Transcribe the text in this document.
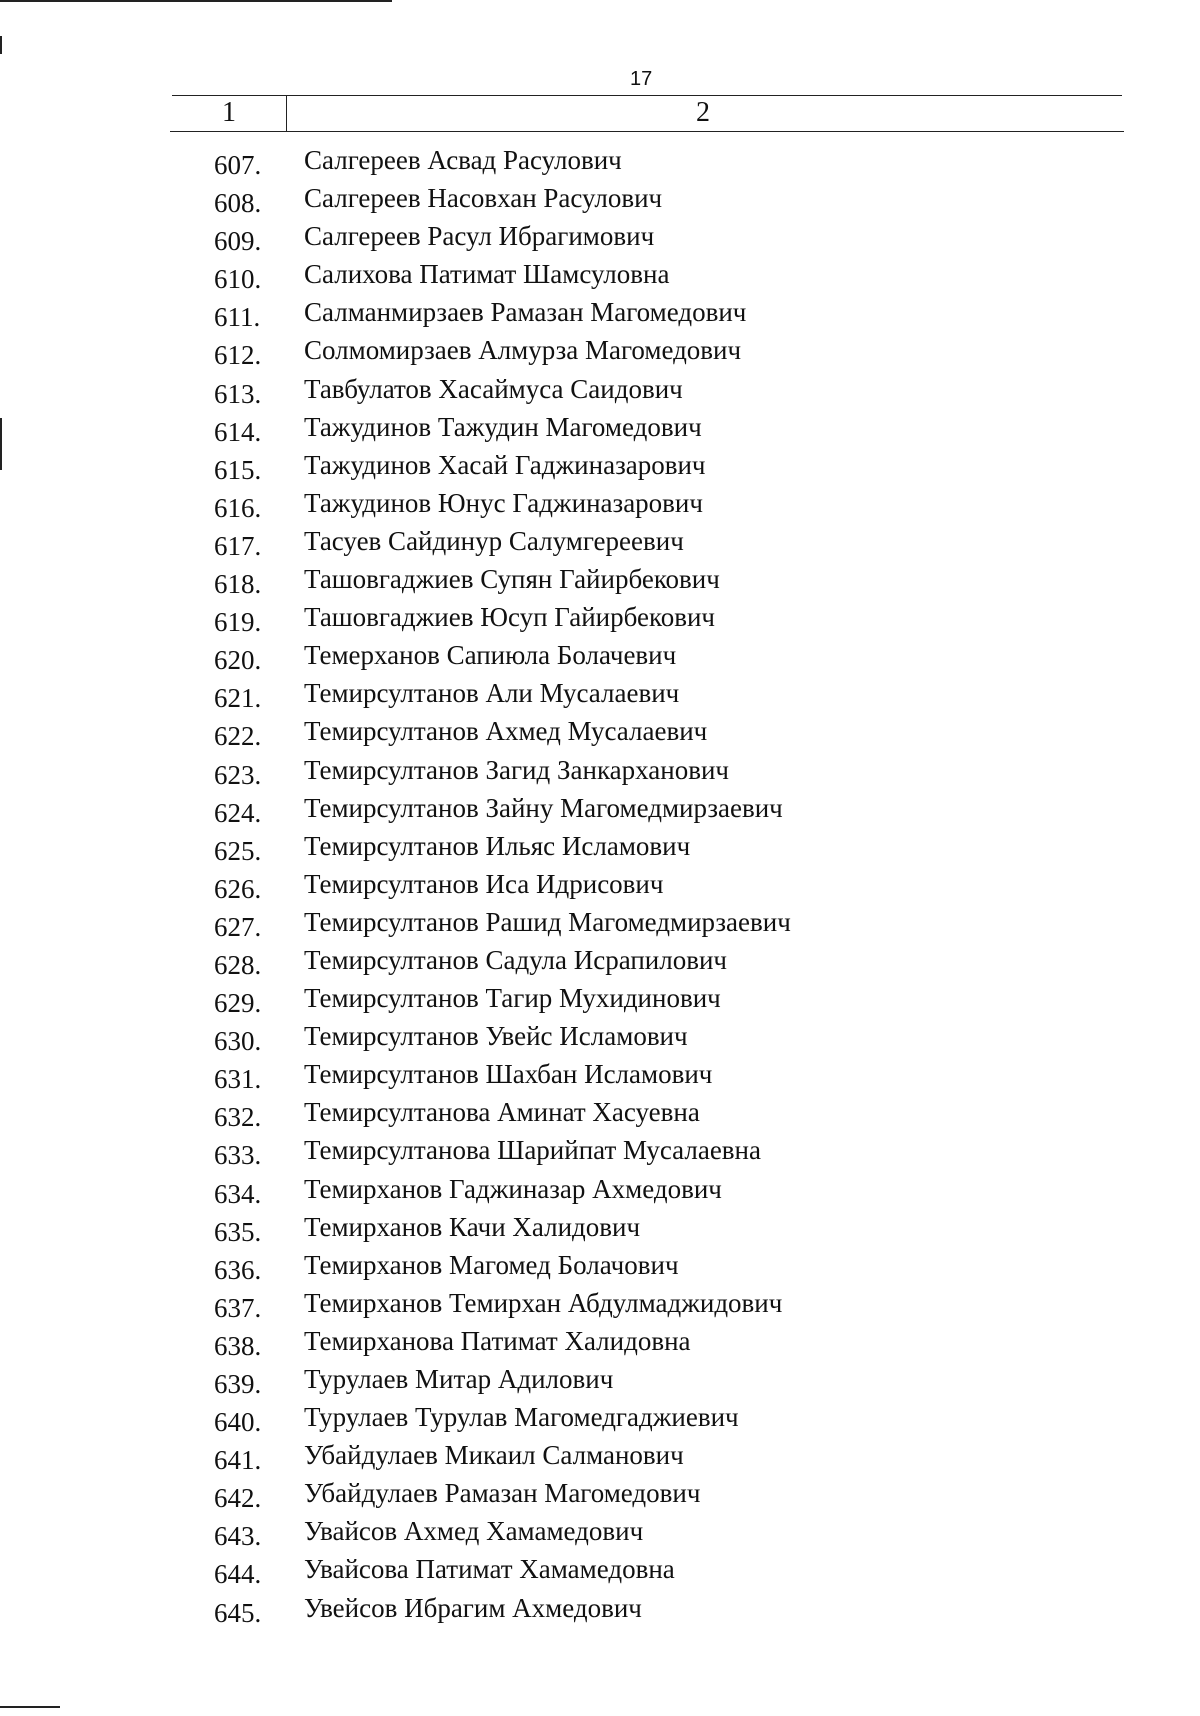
17
1	2
607. Салгереев Асвад Расулович
608. Салгереев Насовхан Расулович
609. Салгереев Расул Ибрагимович
610. Салихова Патимат Шамсуловна
611. Салманмирзаев Рамазан Магомедович
612. Солмомирзаев Алмурза Магомедович
613. Тавбулатов Хасаймуса Саидович
614. Тажудинов Тажудин Магомедович
615. Тажудинов Хасай Гаджиназарович
616. Тажудинов Юнус Гаджиназарович
617. Тасуев Сайдинур Салумгереевич
618. Ташовгаджиев Супян Гайирбекович
619. Ташовгаджиев Юсуп Гайирбекович
620. Темерханов Сапиюла Болачевич
621. Темирсултанов Али Мусалаевич
622. Темирсултанов Ахмед Мусалаевич
623. Темирсултанов Загид Занкарханович
624. Темирсултанов Зайну Магомедмирзаевич
625. Темирсултанов Ильяс Исламович
626. Темирсултанов Иса Идрисович
627. Темирсултанов Рашид Магомедмирзаевич
628. Темирсултанов Садула Исрапилович
629. Темирсултанов Тагир Мухидинович
630. Темирсултанов Увейс Исламович
631. Темирсултанов Шахбан Исламович
632. Темирсултанова Аминат Хасуевна
633. Темирсултанова Шарийпат Мусалаевна
634. Темирханов Гаджиназар Ахмедович
635. Темирханов Качи Халидович
636. Темирханов Магомед Болачович
637. Темирханов Темирхан Абдулмаджидович
638. Темирханова Патимат Халидовна
639. Турулаев Митар Адилович
640. Турулаев Турулав Магомедгаджиевич
641. Убайдулаев Микаил Салманович
642. Убайдулаев Рамазан Магомедович
643. Увайсов Ахмед Хамамедович
644. Увайсова Патимат Хамамедовна
645. Увейсов Ибрагим Ахмедович
